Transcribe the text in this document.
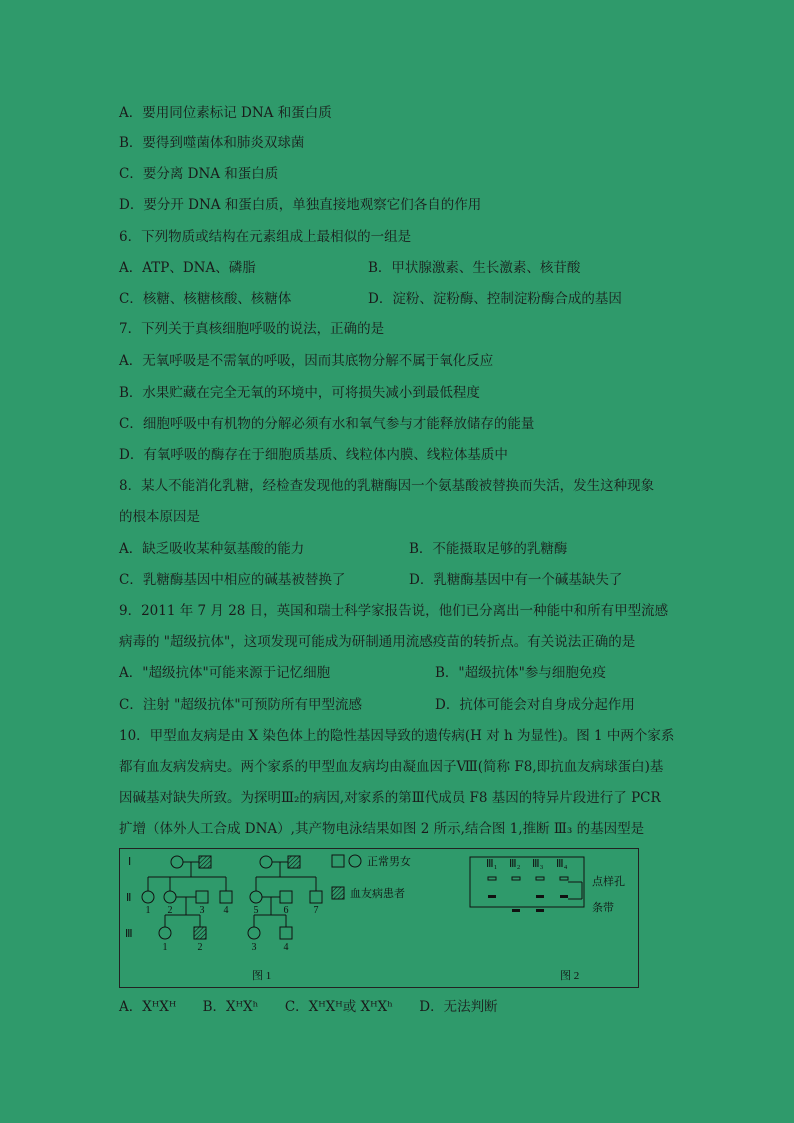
A．要用同位素标记 DNA 和蛋白质
B．要得到噬菌体和肺炎双球菌
C．要分离 DNA 和蛋白质
D．要分开 DNA 和蛋白质，单独直接地观察它们各自的作用
6．下列物质或结构在元素组成上最相似的一组是
7．下列关于真核细胞呼吸的说法，正确的是
A．无氧呼吸是不需氧的呼吸，因而其底物分解不属于氧化反应
B．水果贮藏在完全无氧的环境中，可将损失减小到最低程度
C．细胞呼吸中有机物的分解必须有水和氧气参与才能释放储存的能量
D．有氧呼吸的酶存在于细胞质基质、线粒体内膜、线粒体基质中
8．某人不能消化乳糖，经检查发现他的乳糖酶因一个氨基酸被替换而失活，发生这种现象
的根本原因是
9．2011 年 7 月 28 日，英国和瑞士科学家报告说，他们已分离出一种能中和所有甲型流感
病毒的 "超级抗体"，这项发现可能成为研制通用流感疫苗的转折点。有关说法正确的是
10．甲型血友病是由 X 染色体上的隐性基因导致的遗传病(H 对 h 为显性)。图 1 中两个家系
都有血友病发病史。两个家系的甲型血友病均由凝血因子Ⅷ(简称 F8,即抗血友病球蛋白)基
因碱基对缺失所致。为探明Ⅲ₂的病因,对家系的第Ⅲ代成员 F8 基因的特异片段进行了 PCR
扩增（体外人工合成 DNA）,其产物电泳结果如图 2 所示,结合图 1,推断 Ⅲ₃ 的基因型是
A．ATP、DNA、磷脂	B．甲状腺激素、生长激素、核苷酸
C．核糖、核糖核酸、核糖体	D．淀粉、淀粉酶、控制淀粉酶合成的基因
A．缺乏吸收某种氨基酸的能力	B．不能摄取足够的乳糖酶
C．乳糖酶基因中相应的碱基被替换了	D．乳糖酶基因中有一个碱基缺失了
A．"超级抗体"可能来源于记忆细胞	B．"超级抗体"参与细胞免疫
C．注射 "超级抗体"可预防所有甲型流感	D．抗体可能会对自身成分起作用
Ⅰ
Ⅱ
Ⅲ
1 2	3 4	5	6	7
1	2	3	4
正常男女
血友病患者
图 1	图 2
Ⅲ₁ Ⅲ₂ Ⅲ₃ Ⅲ₄
点样孔
条带
A．XᴴXᴴ B．XᴴXʰ C．XᴴXᴴ或 XᴴXʰ D．无法判断
